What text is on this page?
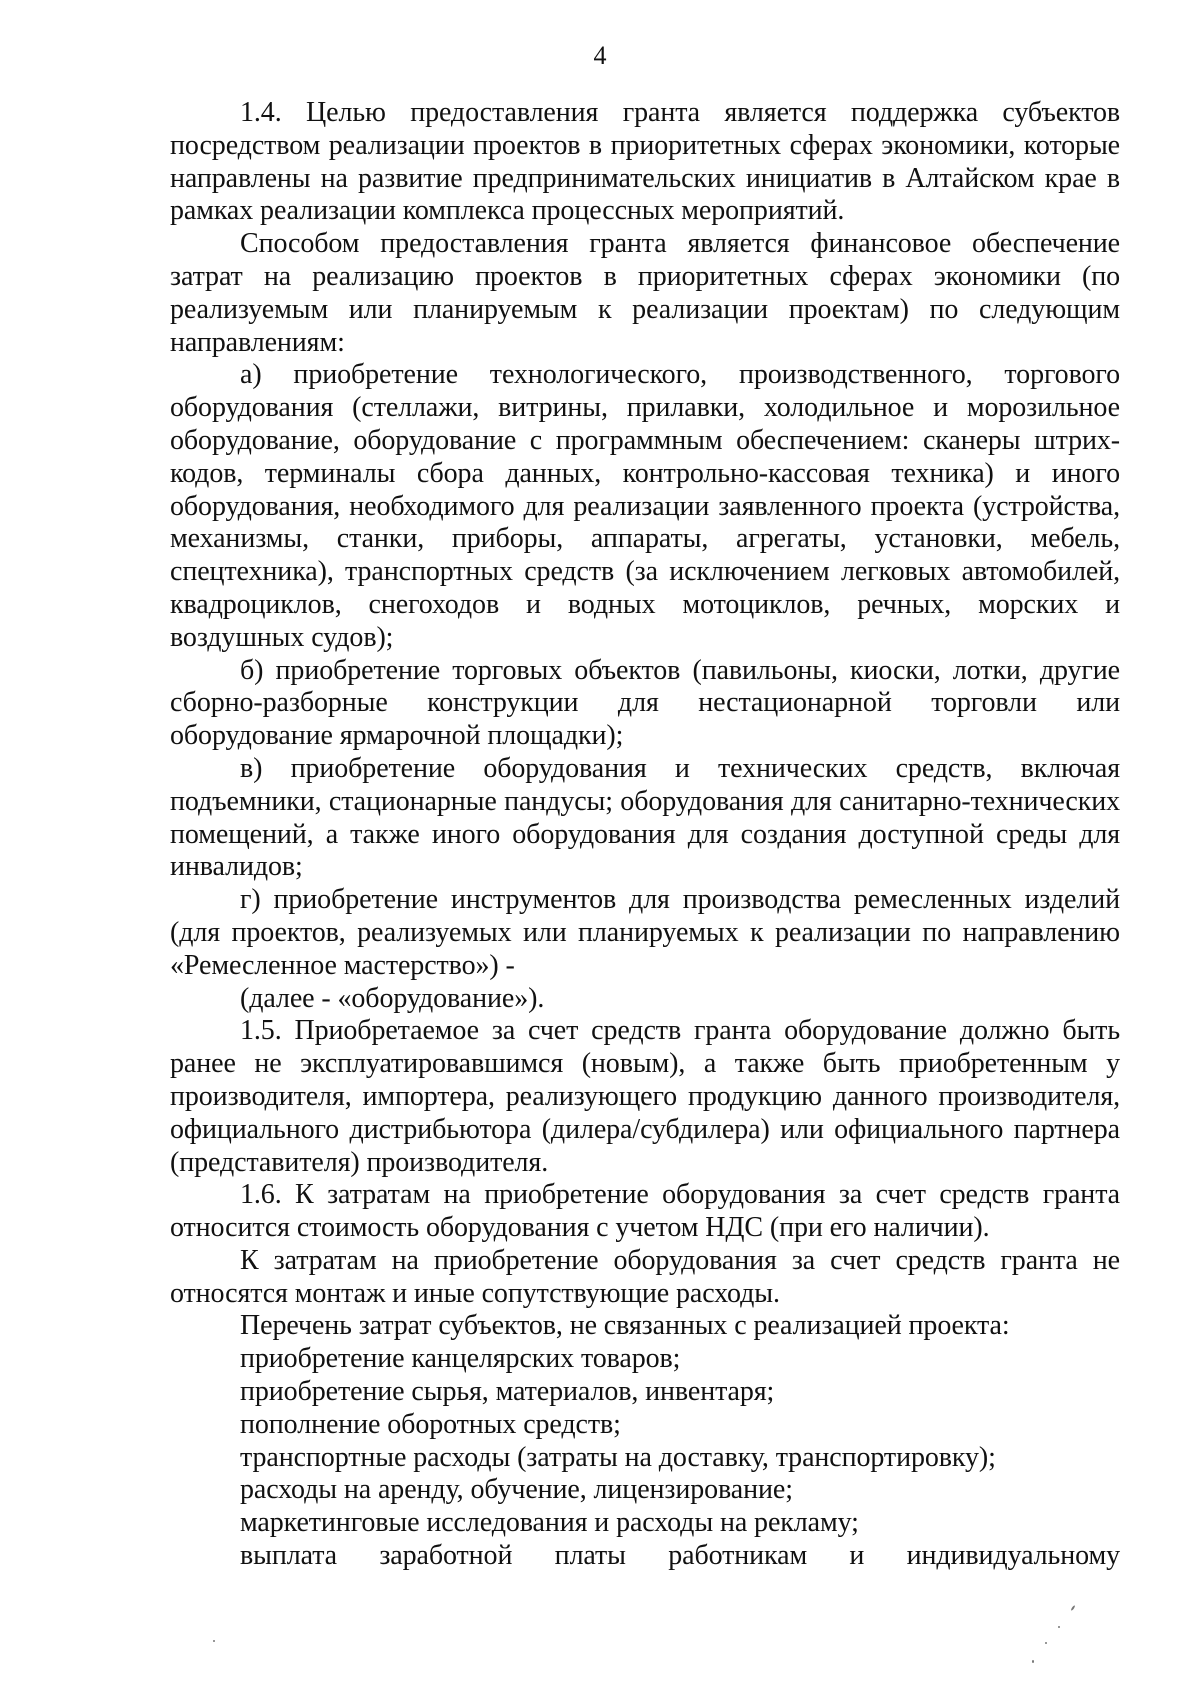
4

1.4. Целью предоставления гранта является поддержка субъектов посредством реализации проектов в приоритетных сферах экономики, которые направлены на развитие предпринимательских инициатив в Алтайском крае в рамках реализации комплекса процессных мероприятий.

Способом предоставления гранта является финансовое обеспечение затрат на реализацию проектов в приоритетных сферах экономики (по реализуемым или планируемым к реализации проектам) по следующим направлениям:

а) приобретение технологического, производственного, торгового оборудования (стеллажи, витрины, прилавки, холодильное и морозильное оборудование, оборудование с программным обеспечением: сканеры штрих-кодов, терминалы сбора данных, контрольно-кассовая техника) и иного оборудования, необходимого для реализации заявленного проекта (устройства, механизмы, станки, приборы, аппараты, агрегаты, установки, мебель, спецтехника), транспортных средств (за исключением легковых автомобилей, квадроциклов, снегоходов и водных мотоциклов, речных, морских и воздушных судов);

б) приобретение торговых объектов (павильоны, киоски, лотки, другие сборно-разборные конструкции для нестационарной торговли или оборудование ярмарочной площадки);

в) приобретение оборудования и технических средств, включая подъемники, стационарные пандусы; оборудования для санитарно-технических помещений, а также иного оборудования для создания доступной среды для инвалидов;

г) приобретение инструментов для производства ремесленных изделий (для проектов, реализуемых или планируемых к реализации по направлению «Ремесленное мастерство») -

(далее - «оборудование»).

1.5. Приобретаемое за счет средств гранта оборудование должно быть ранее не эксплуатировавшимся (новым), а также быть приобретенным у производителя, импортера, реализующего продукцию данного производителя, официального дистрибьютора (дилера/субдилера) или официального партнера (представителя) производителя.

1.6. К затратам на приобретение оборудования за счет средств гранта относится стоимость оборудования с учетом НДС (при его наличии).

К затратам на приобретение оборудования за счет средств гранта не относятся монтаж и иные сопутствующие расходы.

Перечень затрат субъектов, не связанных с реализацией проекта:

приобретение канцелярских товаров;

приобретение сырья, материалов, инвентаря;

пополнение оборотных средств;

транспортные расходы (затраты на доставку, транспортировку);

расходы на аренду, обучение, лицензирование;

маркетинговые исследования и расходы на рекламу;

выплата заработной платы работникам и индивидуальному
